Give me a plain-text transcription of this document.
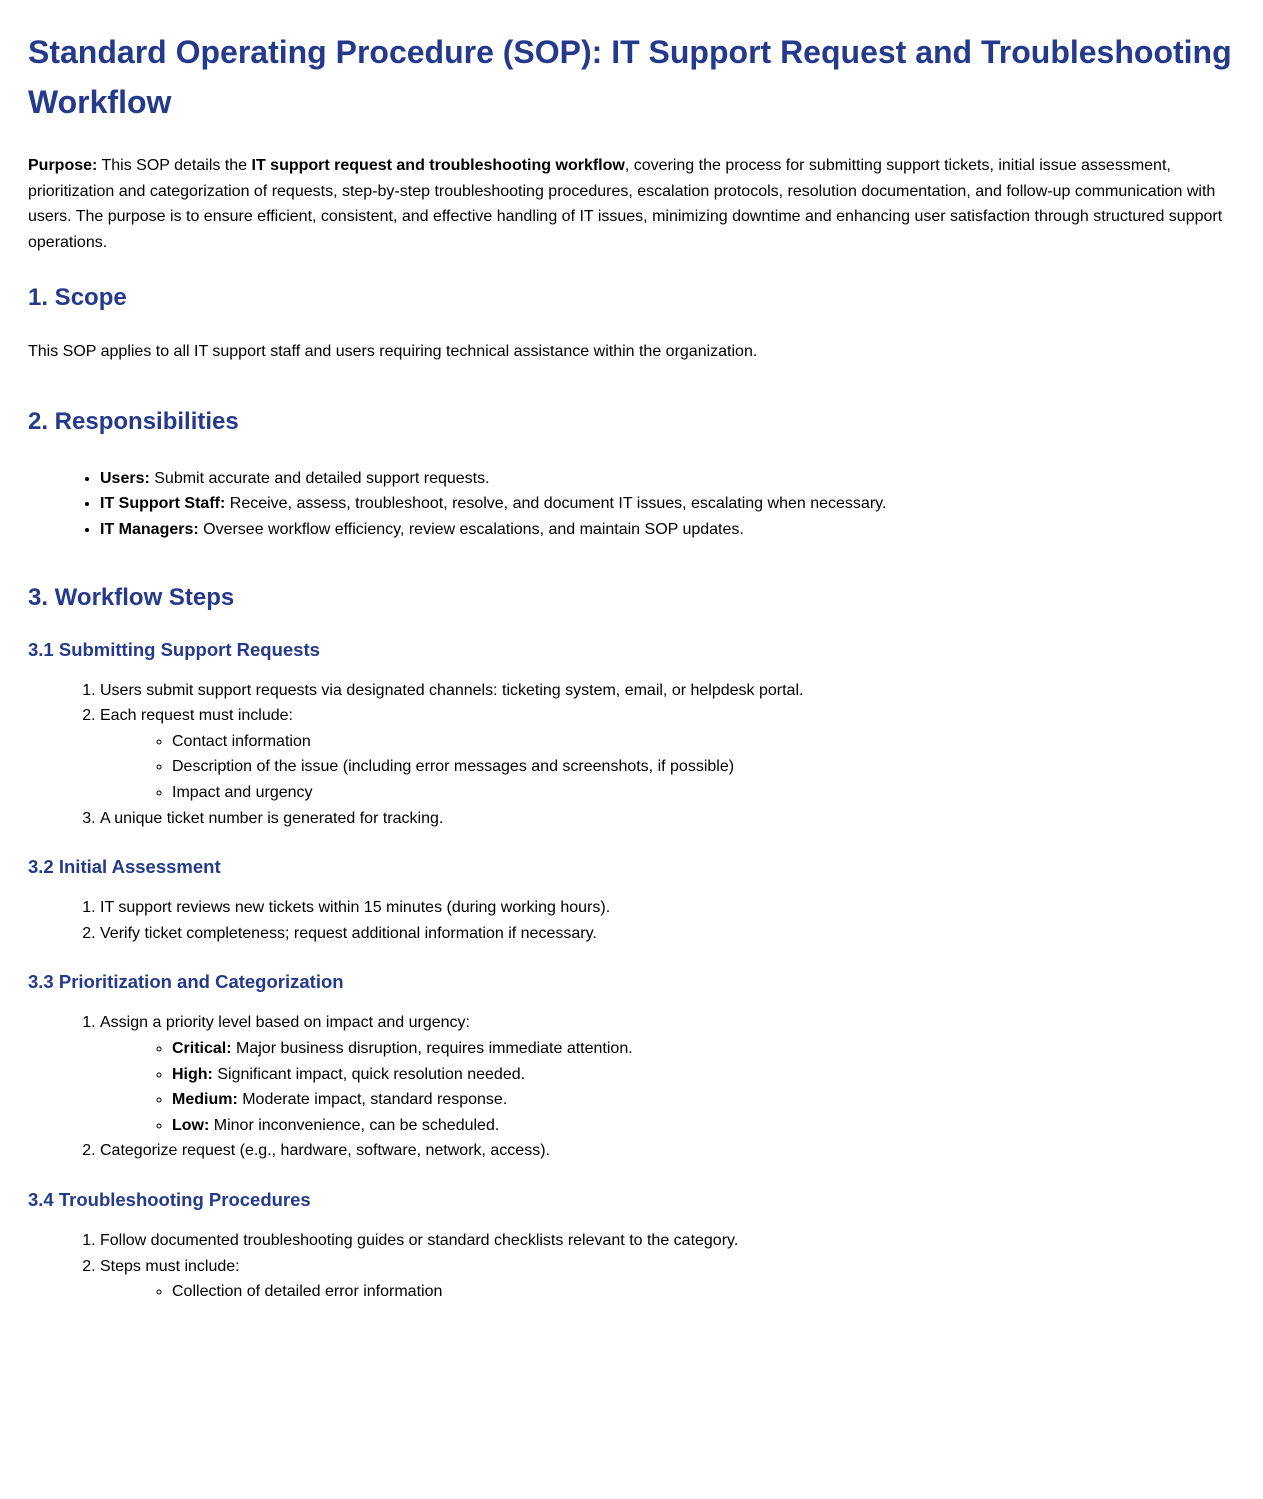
Standard Operating Procedure (SOP): IT Support Request and Troubleshooting Workflow

Purpose: This SOP details the IT support request and troubleshooting workflow, covering the process for submitting support tickets, initial issue assessment, prioritization and categorization of requests, step-by-step troubleshooting procedures, escalation protocols, resolution documentation, and follow-up communication with users. The purpose is to ensure efficient, consistent, and effective handling of IT issues, minimizing downtime and enhancing user satisfaction through structured support operations.

1. Scope

This SOP applies to all IT support staff and users requiring technical assistance within the organization.

2. Responsibilities
• Users: Submit accurate and detailed support requests.
• IT Support Staff: Receive, assess, troubleshoot, resolve, and document IT issues, escalating when necessary.
• IT Managers: Oversee workflow efficiency, review escalations, and maintain SOP updates.
3. Workflow Steps
3.1 Submitting Support Requests
1. Users submit support requests via designated channels: ticketing system, email, or helpdesk portal.
2. Each request must include:
◦ Contact information
◦ Description of the issue (including error messages and screenshots, if possible)
◦ Impact and urgency
3. A unique ticket number is generated for tracking.
3.2 Initial Assessment
1. IT support reviews new tickets within 15 minutes (during working hours).
2. Verify ticket completeness; request additional information if necessary.
3.3 Prioritization and Categorization
1. Assign a priority level based on impact and urgency:
◦ Critical: Major business disruption, requires immediate attention.
◦ High: Significant impact, quick resolution needed.
◦ Medium: Moderate impact, standard response.
◦ Low: Minor inconvenience, can be scheduled.
2. Categorize request (e.g., hardware, software, network, access).
3.4 Troubleshooting Procedures
1. Follow documented troubleshooting guides or standard checklists relevant to the category.
2. Steps must include:
◦ Collection of detailed error information
